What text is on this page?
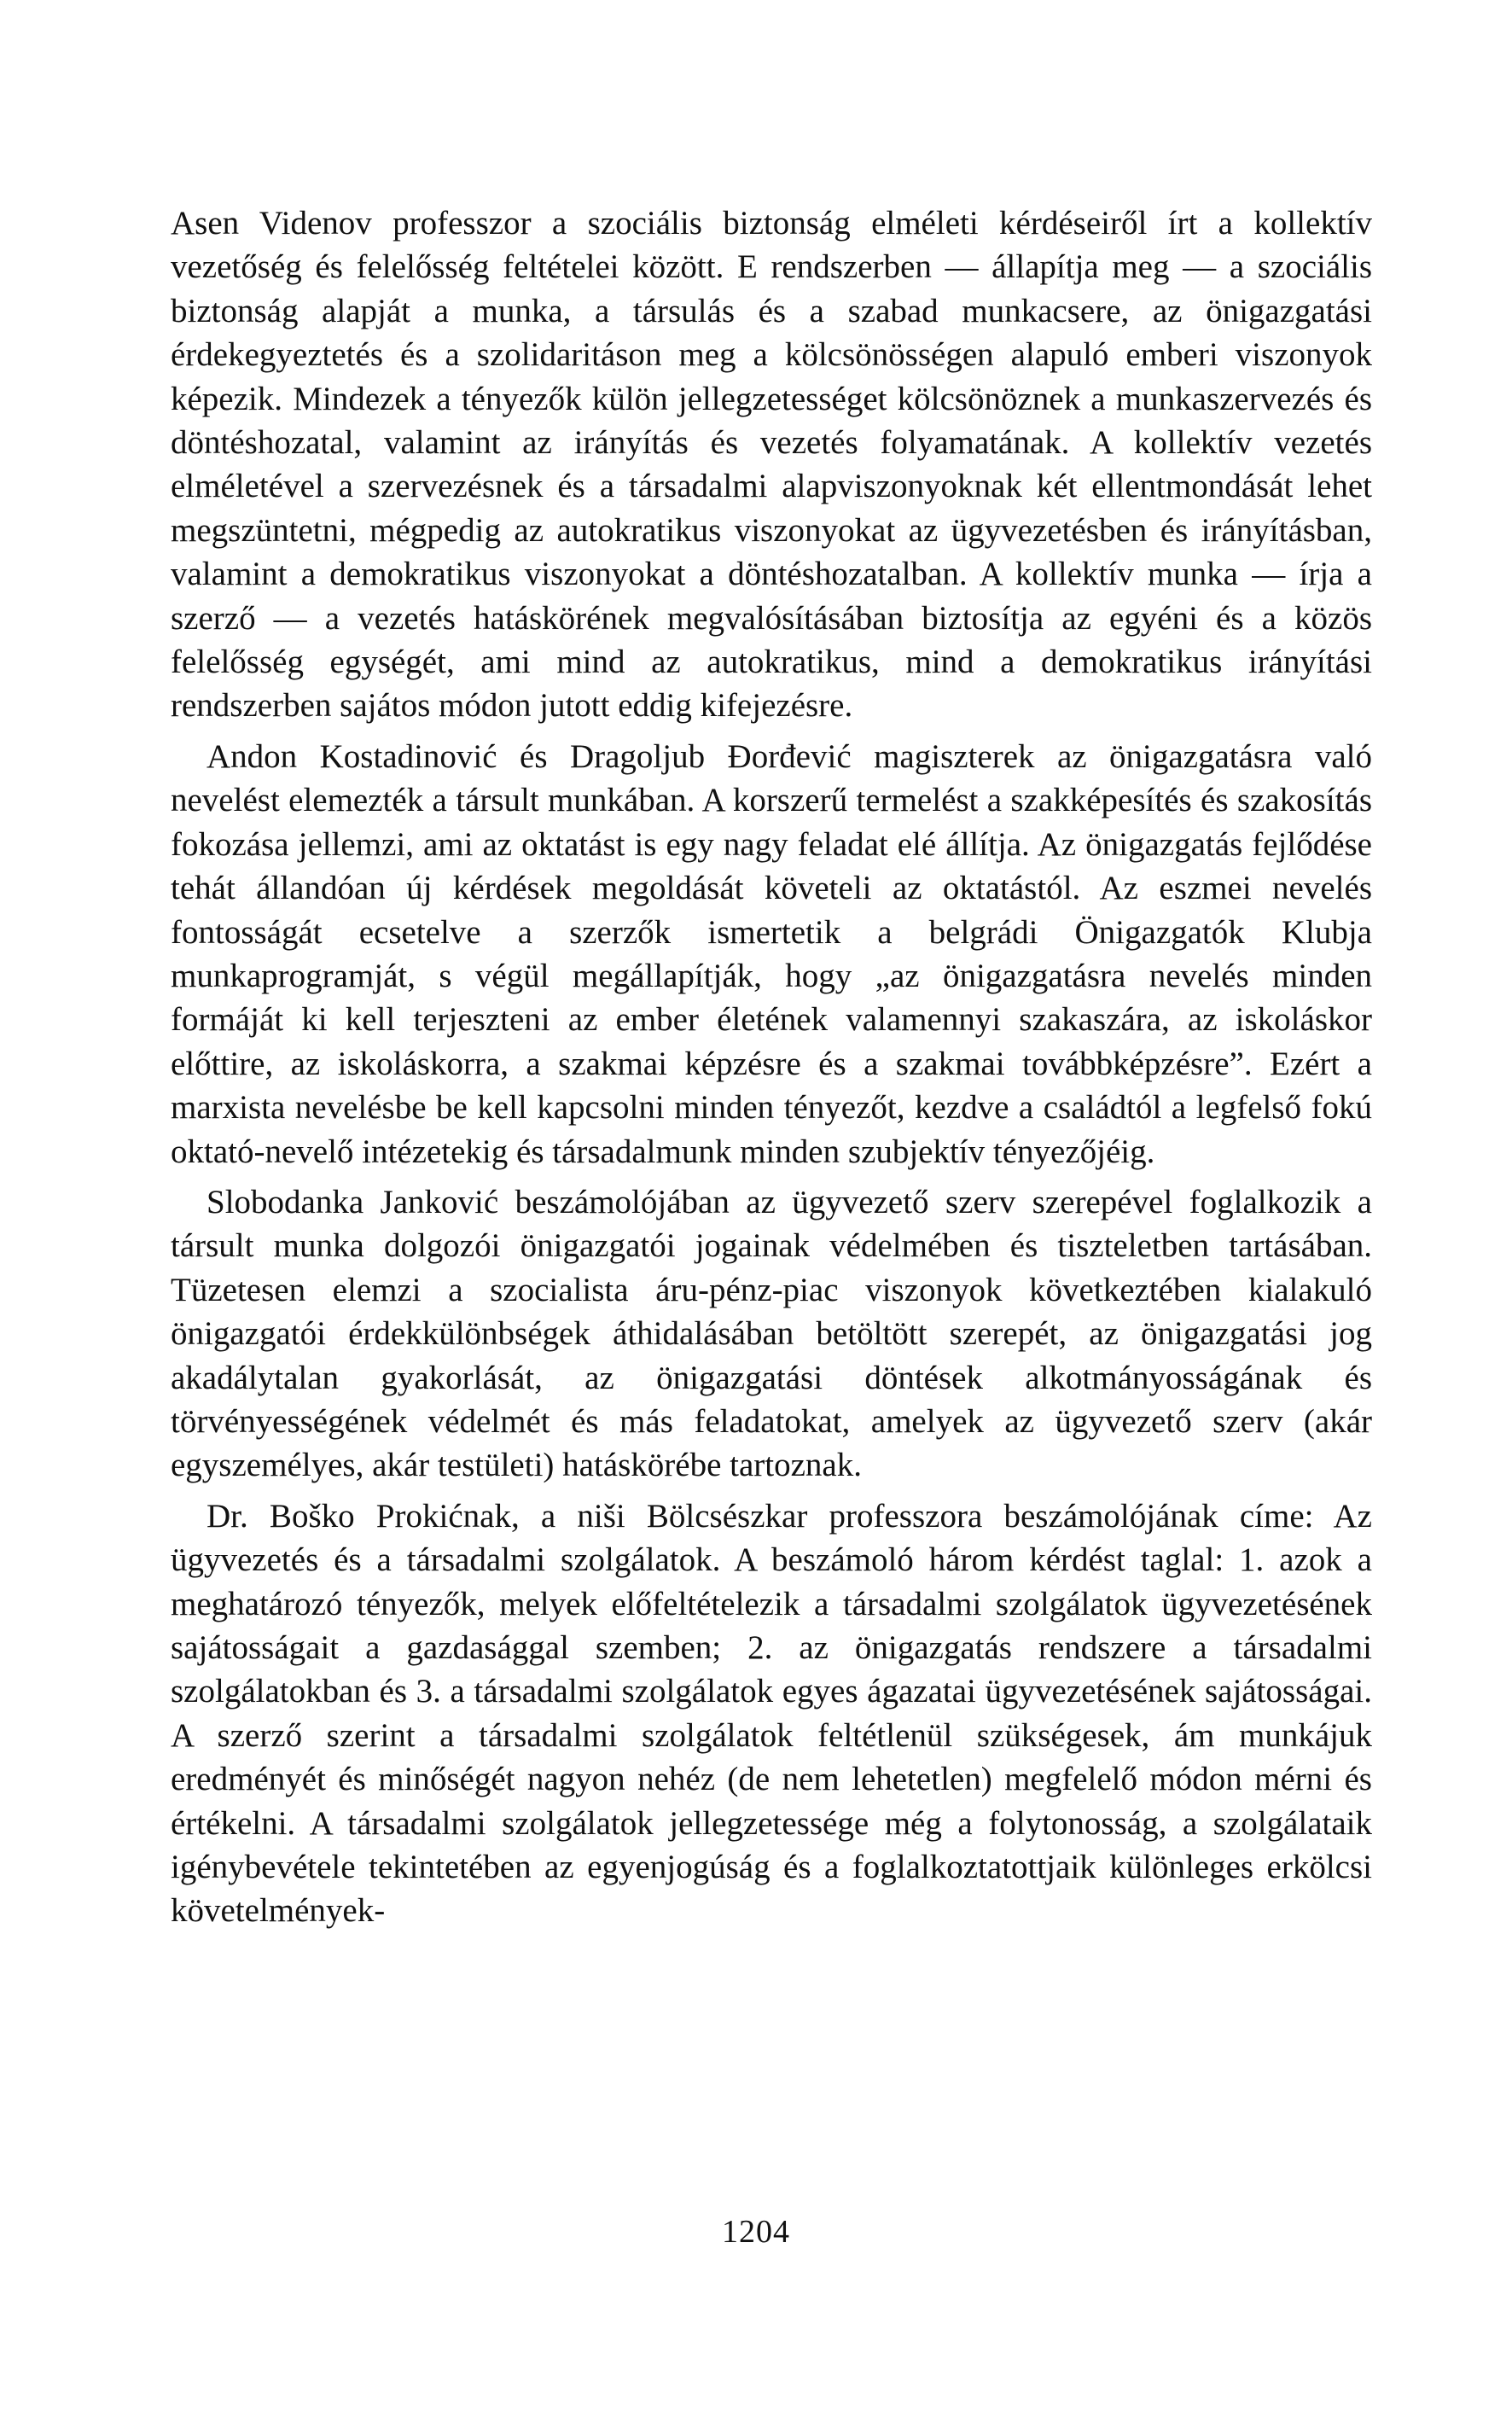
Asen Videnov professzor a szociális biztonság elméleti kérdéseiről írt a kollektív vezetőség és felelősség feltételei között. E rendszerben — állapítja meg — a szociális biztonság alapját a munka, a társulás és a szabad munkacsere, az önigazgatási érdekegyeztetés és a szolidaritáson meg a kölcsönösségen alapuló emberi viszonyok képezik. Mindezek a tényezők külön jellegzetességet kölcsönöznek a munkaszervezés és döntéshozatal, valamint az irányítás és vezetés folyamatának. A kollektív vezetés elméletével a szervezésnek és a társadalmi alapviszonyoknak két ellentmondását lehet megszüntetni, mégpedig az autokratikus viszonyokat az ügyvezetésben és irányításban, valamint a demokratikus viszonyokat a döntéshozatalban. A kollektív munka — írja a szerző — a vezetés hatáskörének megvalósításában biztosítja az egyéni és a közös felelősség egységét, ami mind az autokratikus, mind a demokratikus irányítási rendszerben sajátos módon jutott eddig kifejezésre.

Andon Kostadinović és Dragoljub Đorđević magiszterek az önigazgatásra való nevelést elemezték a társult munkában. A korszerű termelést a szakképesítés és szakosítás fokozása jellemzi, ami az oktatást is egy nagy feladat elé állítja. Az önigazgatás fejlődése tehát állandóan új kérdések megoldását követeli az oktatástól. Az eszmei nevelés fontosságát ecsetelve a szerzők ismertetik a belgrádi Önigazgatók Klubja munkaprogramját, s végül megállapítják, hogy „az önigazgatásra nevelés minden formáját ki kell terjeszteni az ember életének valamennyi szakaszára, az iskoláskor előttire, az iskoláskorra, a szakmai képzésre és a szakmai továbbképzésre”. Ezért a marxista nevelésbe be kell kapcsolni minden tényezőt, kezdve a családtól a legfelső fokú oktató-nevelő intézetekig és társadalmunk minden szubjektív tényezőjéig.

Slobodanka Janković beszámolójában az ügyvezető szerv szerepével foglalkozik a társult munka dolgozói önigazgatói jogainak védelmében és tiszteletben tartásában. Tüzetesen elemzi a szocialista áru-pénz-piac viszonyok következtében kialakuló önigazgatói érdekkülönbségek áthidalásában betöltött szerepét, az önigazgatási jog akadálytalan gyakorlását, az önigazgatási döntések alkotmányosságának és törvényességének védelmét és más feladatokat, amelyek az ügyvezető szerv (akár egyszemélyes, akár testületi) hatáskörébe tartoznak.

Dr. Boško Prokićnak, a niši Bölcsészkar professzora beszámolójának címe: Az ügyvezetés és a társadalmi szolgálatok. A beszámoló három kérdést taglal: 1. azok a meghatározó tényezők, melyek előfeltételezik a társadalmi szolgálatok ügyvezetésének sajátosságait a gazdasággal szemben; 2. az önigazgatás rendszere a társadalmi szolgálatokban és 3. a társadalmi szolgálatok egyes ágazatai ügyvezetésének sajátosságai. A szerző szerint a társadalmi szolgálatok feltétlenül szükségesek, ám munkájuk eredményét és minőségét nagyon nehéz (de nem lehetetlen) megfelelő módon mérni és értékelni. A társadalmi szolgálatok jellegzetessége még a folytonosság, a szolgálataik igénybevétele tekintetében az egyenjogúság és a foglalkoztatottjaik különleges erkölcsi követelmények-

1204
